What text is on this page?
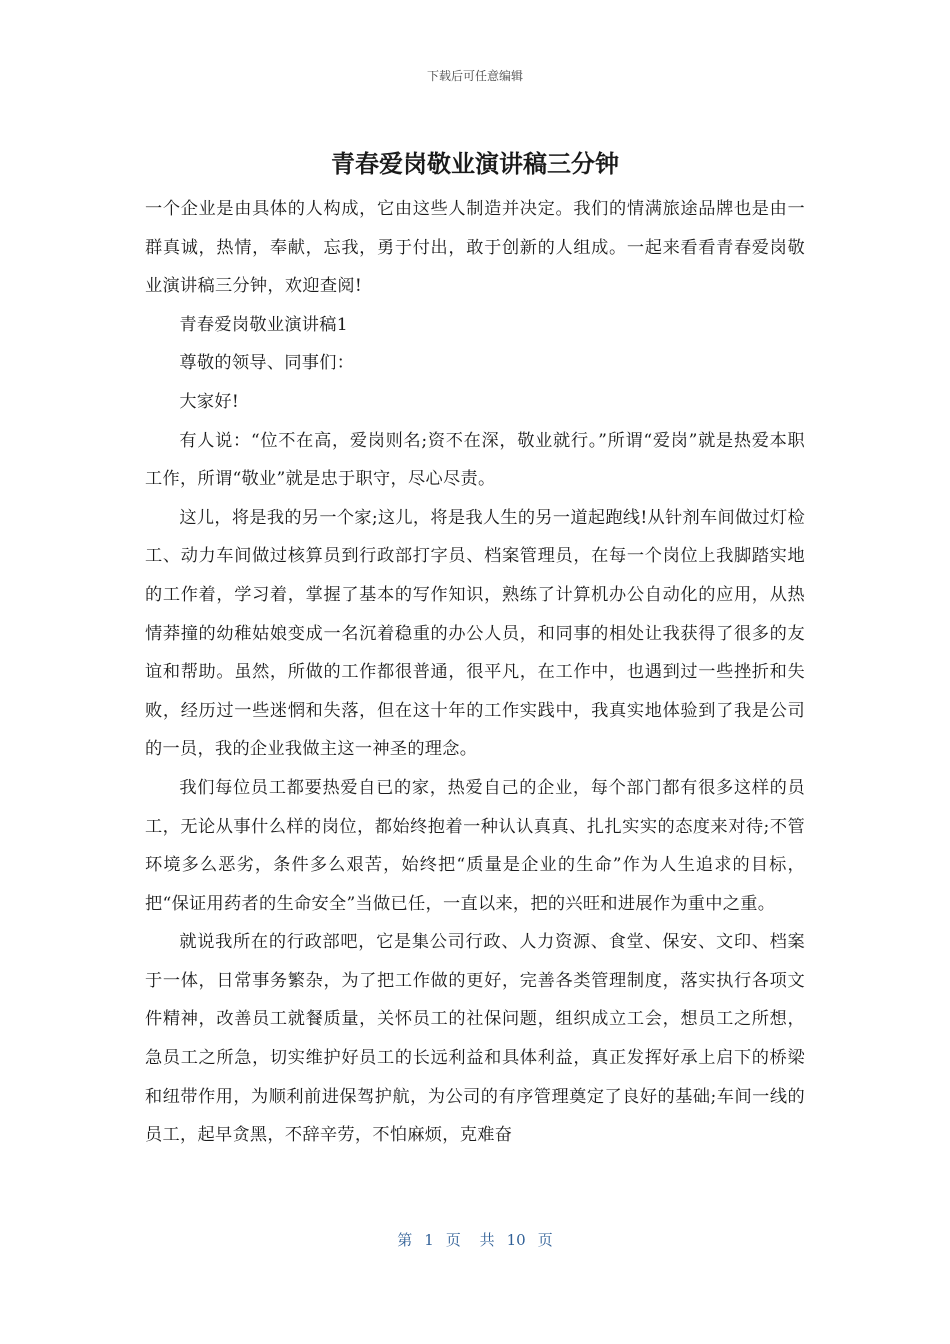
下载后可任意编辑
青春爱岗敬业演讲稿三分钟

一个企业是由具体的人构成，它由这些人制造并决定。我们的情满旅途品牌也是由一群真诚，热情，奉献，忘我，勇于付出，敢于创新的人组成。一起来看看青春爱岗敬业演讲稿三分钟，欢迎查阅!

青春爱岗敬业演讲稿1

尊敬的领导、同事们：

大家好!

有人说：“位不在高，爱岗则名;资不在深，敬业就行。”所谓“爱岗”就是热爱本职工作，所谓“敬业”就是忠于职守，尽心尽责。

这儿，将是我的另一个家;这儿，将是我人生的另一道起跑线!从针剂车间做过灯检工、动力车间做过核算员到行政部打字员、档案管理员，在每一个岗位上我脚踏实地的工作着，学习着，掌握了基本的写作知识，熟练了计算机办公自动化的应用，从热情莽撞的幼稚姑娘变成一名沉着稳重的办公人员，和同事的相处让我获得了很多的友谊和帮助。虽然，所做的工作都很普通，很平凡，在工作中，也遇到过一些挫折和失败，经历过一些迷惘和失落，但在这十年的工作实践中，我真实地体验到了我是公司的一员，我的企业我做主这一神圣的理念。

我们每位员工都要热爱自已的家，热爱自己的企业，每个部门都有很多这样的员工，无论从事什么样的岗位，都始终抱着一种认认真真、扎扎实实的态度来对待;不管环境多么恶劣，条件多么艰苦，始终把“质量是企业的生命”作为人生追求的目标，把“保证用药者的生命安全”当做已任，一直以来，把的兴旺和进展作为重中之重。

就说我所在的行政部吧，它是集公司行政、人力资源、食堂、保安、文印、档案于一体，日常事务繁杂，为了把工作做的更好，完善各类管理制度，落实执行各项文件精神，改善员工就餐质量，关怀员工的社保问题，组织成立工会，想员工之所想，急员工之所急，切实维护好员工的长远利益和具体利益，真正发挥好承上启下的桥梁和纽带作用，为顺利前进保驾护航，为公司的有序管理奠定了良好的基础;车间一线的员工，起早贪黑，不辞辛劳，不怕麻烦，克难奋

第 1 页 共 10 页
